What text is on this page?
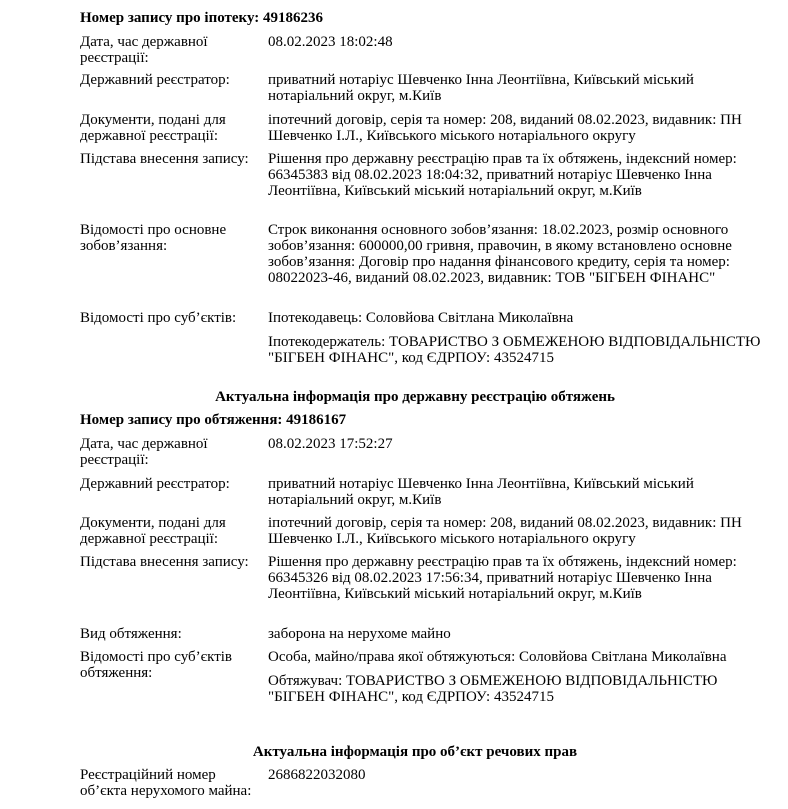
Номер запису про іпотеку: 49186236
Дата, час державної реєстрації:
08.02.2023 18:02:48
Державний реєстратор:	приватний нотаріус Шевченко Інна Леонтіївна, Київський міський нотаріальний округ, м.Київ
Документи, подані для державної реєстрації:
іпотечний договір, серія та номер: 208, виданий 08.02.2023, видавник: ПН Шевченко І.Л., Київського міського нотаріального округу
Підстава внесення запису:	Рішення про державну реєстрацію прав та їх обтяжень, індексний номер: 66345383 від 08.02.2023 18:04:32, приватний нотаріус Шевченко Інна Леонтіївна, Київський міський нотаріальний округ, м.Київ
Відомості про основне зобов’язання:
Строк виконання основного зобов’язання: 18.02.2023, розмір основного зобов’язання: 600000,00 гривня, правочин, в якому встановлено основне зобов’язання: Договір про надання фінансового кредиту, серія та номер: 08022023-46, виданий 08.02.2023, видавник: ТОВ "БІГБЕН ФІНАНС"
Відомості про суб’єктів:	Іпотекодавець: Соловйова Світлана Миколаївна
Іпотекодержатель: ТОВАРИСТВО З ОБМЕЖЕНОЮ ВІДПОВІДАЛЬНІСТЮ "БІГБЕН ФІНАНС", код ЄДРПОУ: 43524715
Актуальна інформація про державну реєстрацію обтяжень
Номер запису про обтяження: 49186167
Дата, час державної реєстрації:
08.02.2023 17:52:27
Державний реєстратор:	приватний нотаріус Шевченко Інна Леонтіївна, Київський міський нотаріальний округ, м.Київ
Документи, подані для державної реєстрації:
іпотечний договір, серія та номер: 208, виданий 08.02.2023, видавник: ПН Шевченко І.Л., Київського міського нотаріального округу
Підстава внесення запису:	Рішення про державну реєстрацію прав та їх обтяжень, індексний номер: 66345326 від 08.02.2023 17:56:34, приватний нотаріус Шевченко Інна Леонтіївна, Київський міський нотаріальний округ, м.Київ
Вид обтяження:	заборона на нерухоме майно
Відомості про суб’єктів обтяження:
Особа, майно/права якої обтяжуються: Соловйова Світлана Миколаївна
Обтяжувач: ТОВАРИСТВО З ОБМЕЖЕНОЮ ВІДПОВІДАЛЬНІСТЮ "БІГБЕН ФІНАНС", код ЄДРПОУ: 43524715
Актуальна інформація про об’єкт речових прав
Реєстраційний номер об’єкта нерухомого майна:
2686822032080
